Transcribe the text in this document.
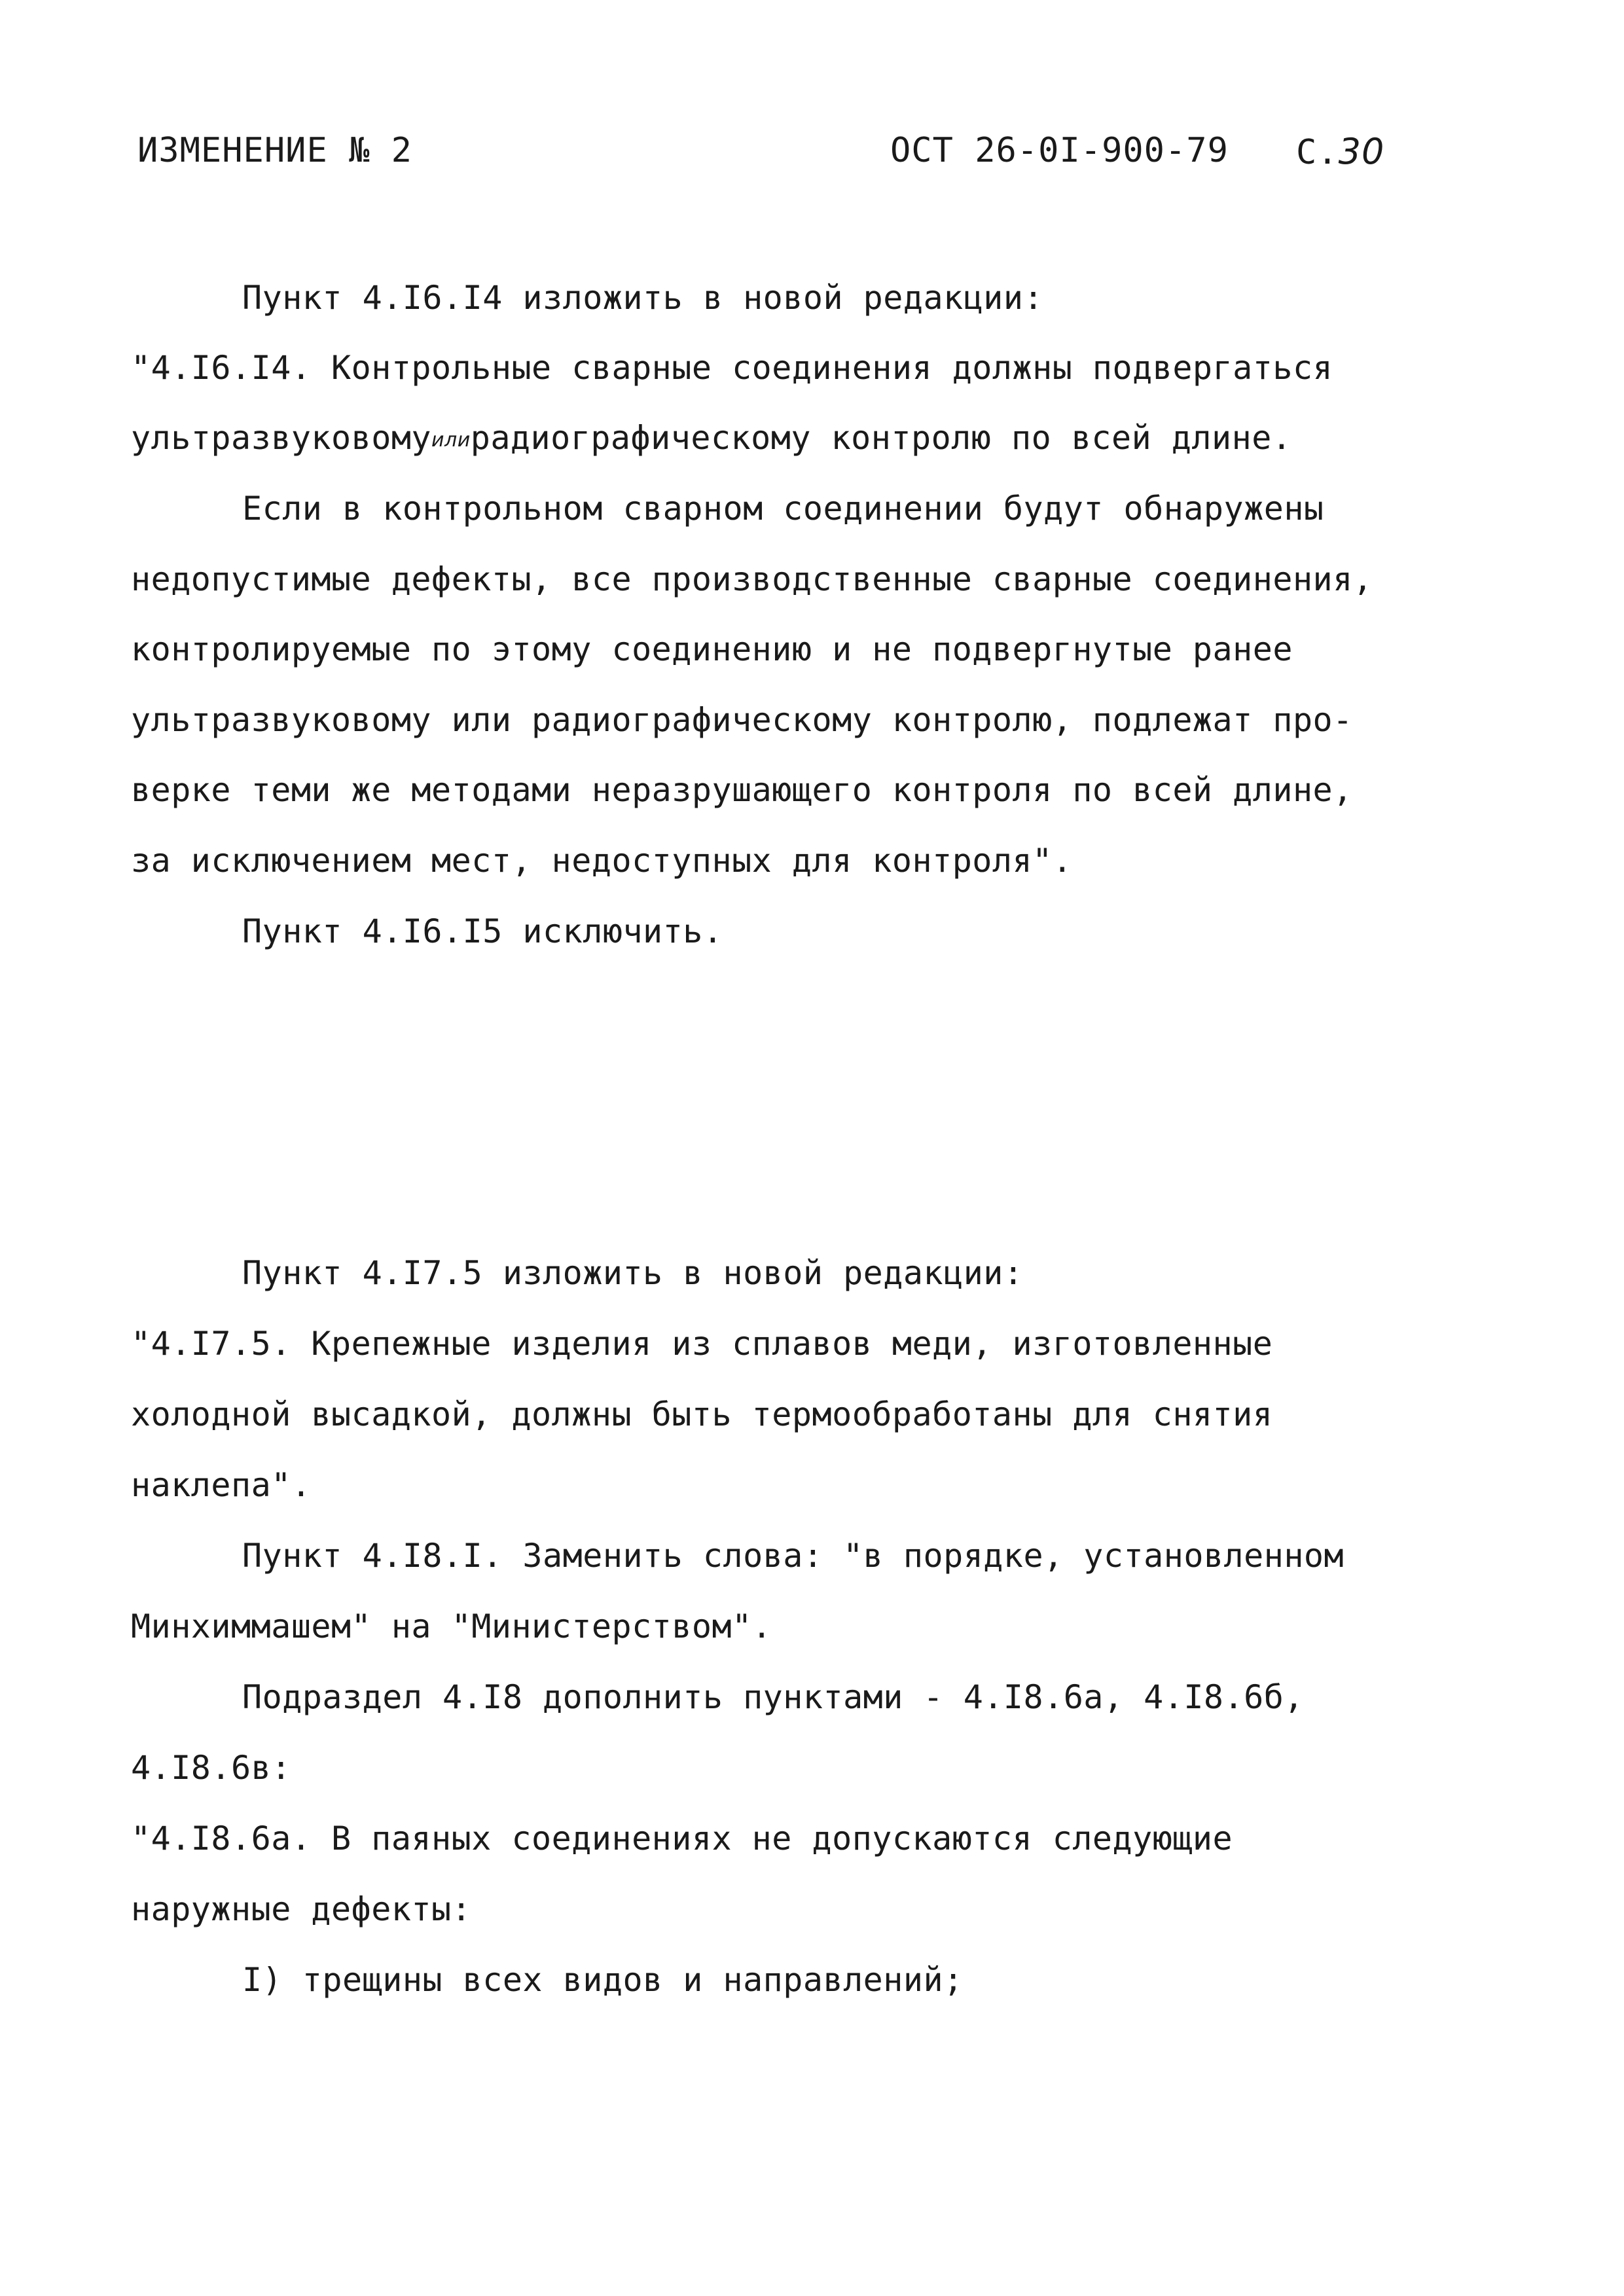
ИЗМЕНЕНИЕ № 2	ОСТ 26-0I-900-79 С.30
Пункт 4.I6.I4 изложить в новой редакции:
"4.I6.I4. Контрольные сварные соединения должны подвергаться
ультразвуковомуилирадиографическому контролю по всей длине.
Если в контрольном сварном соединении будут обнаружены
недопустимые дефекты, все производственные сварные соединения,
контролируемые по этому соединению и не подвергнутые ранее
ультразвуковому или радиографическому контролю, подлежат про-
верке теми же методами неразрушающего контроля по всей длине,
за исключением мест, недоступных для контроля".
Пункт 4.I6.I5 исключить.
Пункт 4.I7.5 изложить в новой редакции:
"4.I7.5. Крепежные изделия из сплавов меди, изготовленные
холодной высадкой, должны быть термообработаны для снятия
наклепа".
Пункт 4.I8.I. Заменить слова: "в порядке, установленном
Минхиммашем" на "Министерством".
Подраздел 4.I8 дополнить пунктами - 4.I8.6а, 4.I8.6б,
4.I8.6в:
"4.I8.6а. В паяных соединениях не допускаются следующие
наружные дефекты:
I) трещины всех видов и направлений;
